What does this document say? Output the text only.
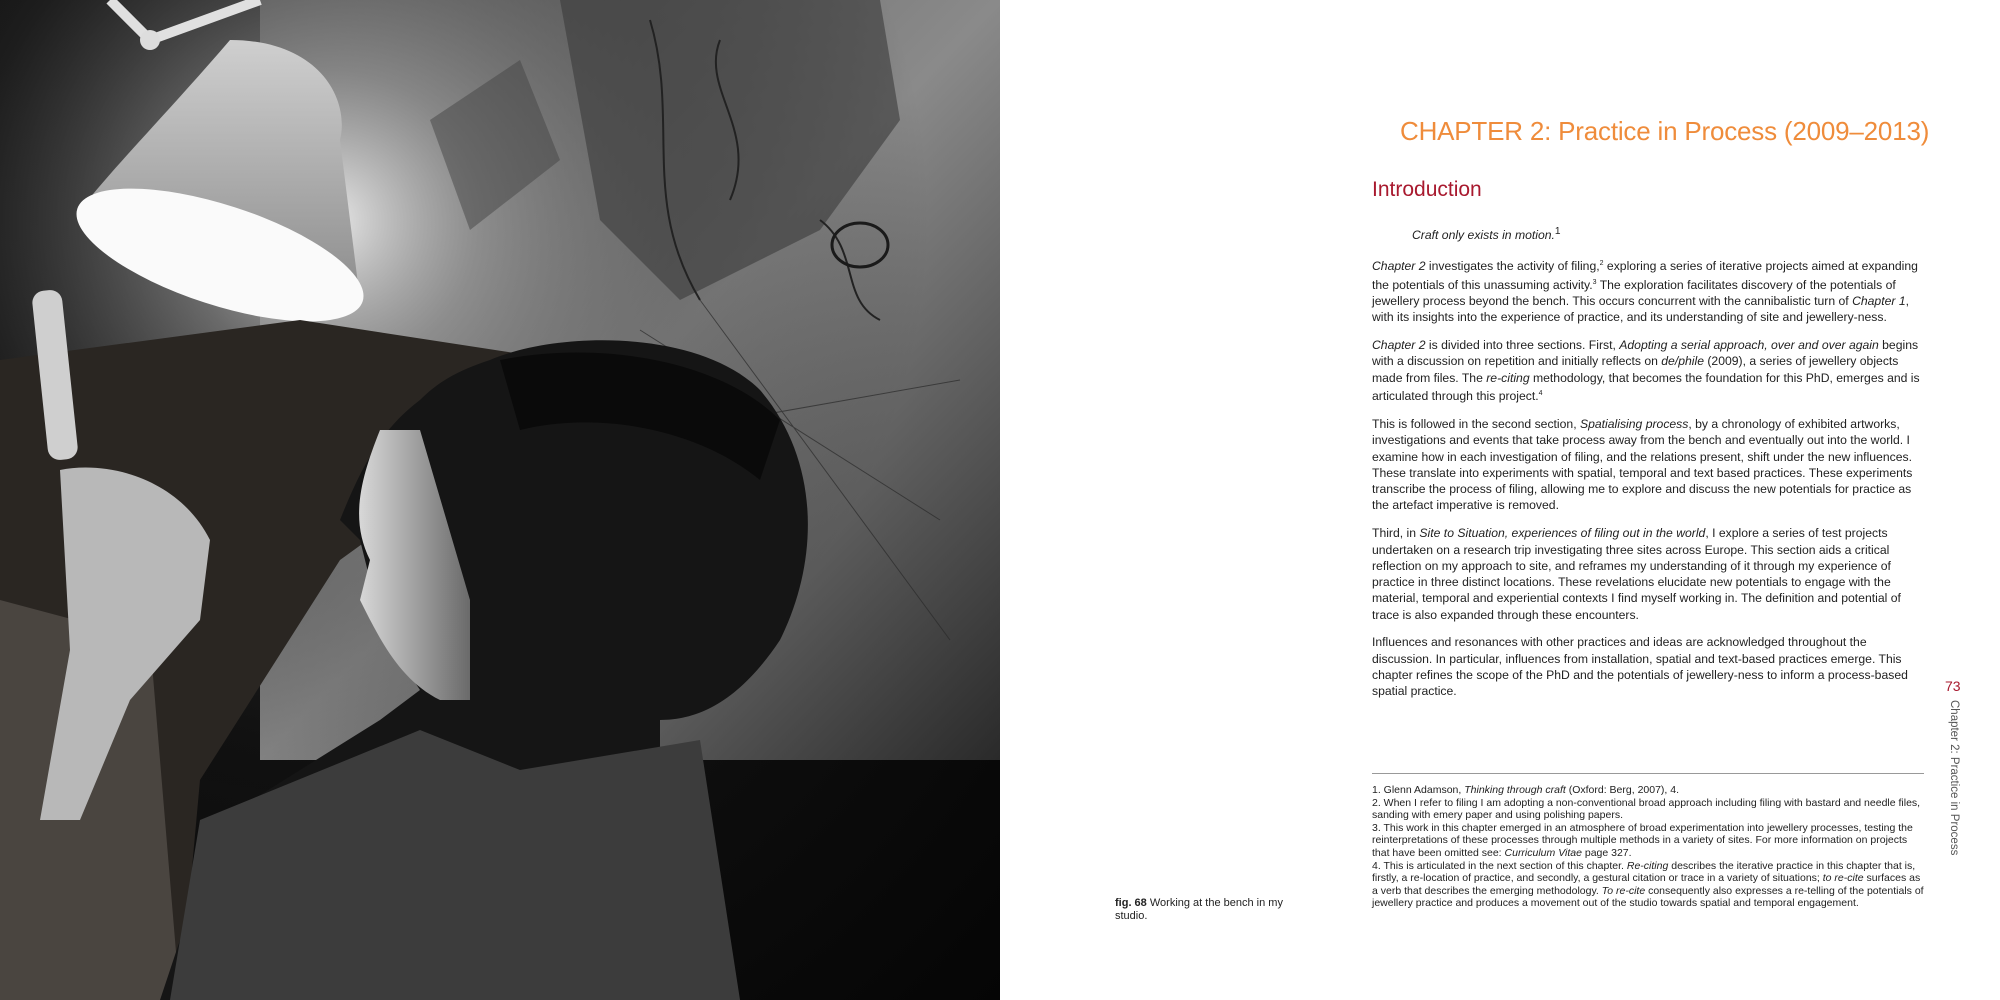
CHAPTER 2: Practice in Process (2009–2013)
Introduction

Craft only exists in motion.$^1$

Chapter 2 investigates the activity of filing,$^2$ exploring a series of iterative projects aimed at expanding the potentials of this unassuming activity.$^3$ The exploration facilitates discovery of the potentials of jewellery process beyond the bench. This occurs concurrent with the cannibalistic turn of Chapter 1, with its insights into the experience of practice, and its understanding of site and jewellery-ness.

Chapter 2 is divided into three sections. First, Adopting a serial approach, over and over again begins with a discussion on repetition and initially reflects on de/phile (2009), a series of jewellery objects made from files. The re-citing methodology, that becomes the foundation for this PhD, emerges and is articulated through this project.$^4$

This is followed in the second section, Spatialising process, by a chronology of exhibited artworks, investigations and events that take process away from the bench and eventually out into the world. I examine how in each investigation of filing, and the relations present, shift under the new influences. These translate into experiments with spatial, temporal and text based practices. These experiments transcribe the process of filing, allowing me to explore and discuss the new potentials for practice as the artefact imperative is removed.

Third, in Site to Situation, experiences of filing out in the world, I explore a series of test projects undertaken on a research trip investigating three sites across Europe. This section aids a critical reflection on my approach to site, and reframes my understanding of it through my experience of practice in three distinct locations. These revelations elucidate new potentials to engage with the material, temporal and experiential contexts I find myself working in. The definition and potential of trace is also expanded through these encounters.

Influences and resonances with other practices and ideas are acknowledged throughout the discussion. In particular, influences from installation, spatial and text-based practices emerge. This chapter refines the scope of the PhD and the potentials of jewellery-ness to inform a process-based spatial practice.

1. Glenn Adamson, Thinking through craft (Oxford: Berg, 2007), 4.

2. When I refer to filing I am adopting a non-conventional broad approach including filing with bastard and needle files, sanding with emery paper and using polishing papers.

3. This work in this chapter emerged in an atmosphere of broad experimentation into jewellery processes, testing the reinterpretations of these processes through multiple methods in a variety of sites. For more information on projects that have been omitted see: Curriculum Vitae page 327.

4. This is articulated in the next section of this chapter. Re-citing describes the iterative practice in this chapter that is, firstly, a re-location of practice, and secondly, a gestural citation or trace in a variety of situations; to re-cite surfaces as a verb that describes the emerging methodology. To re-cite consequently also expresses a re-telling of the potentials of jewellery practice and produces a movement out of the studio towards spatial and temporal engagement.

fig. 68 Working at the bench in my studio.
73
Chapter 2: Practice in Process
